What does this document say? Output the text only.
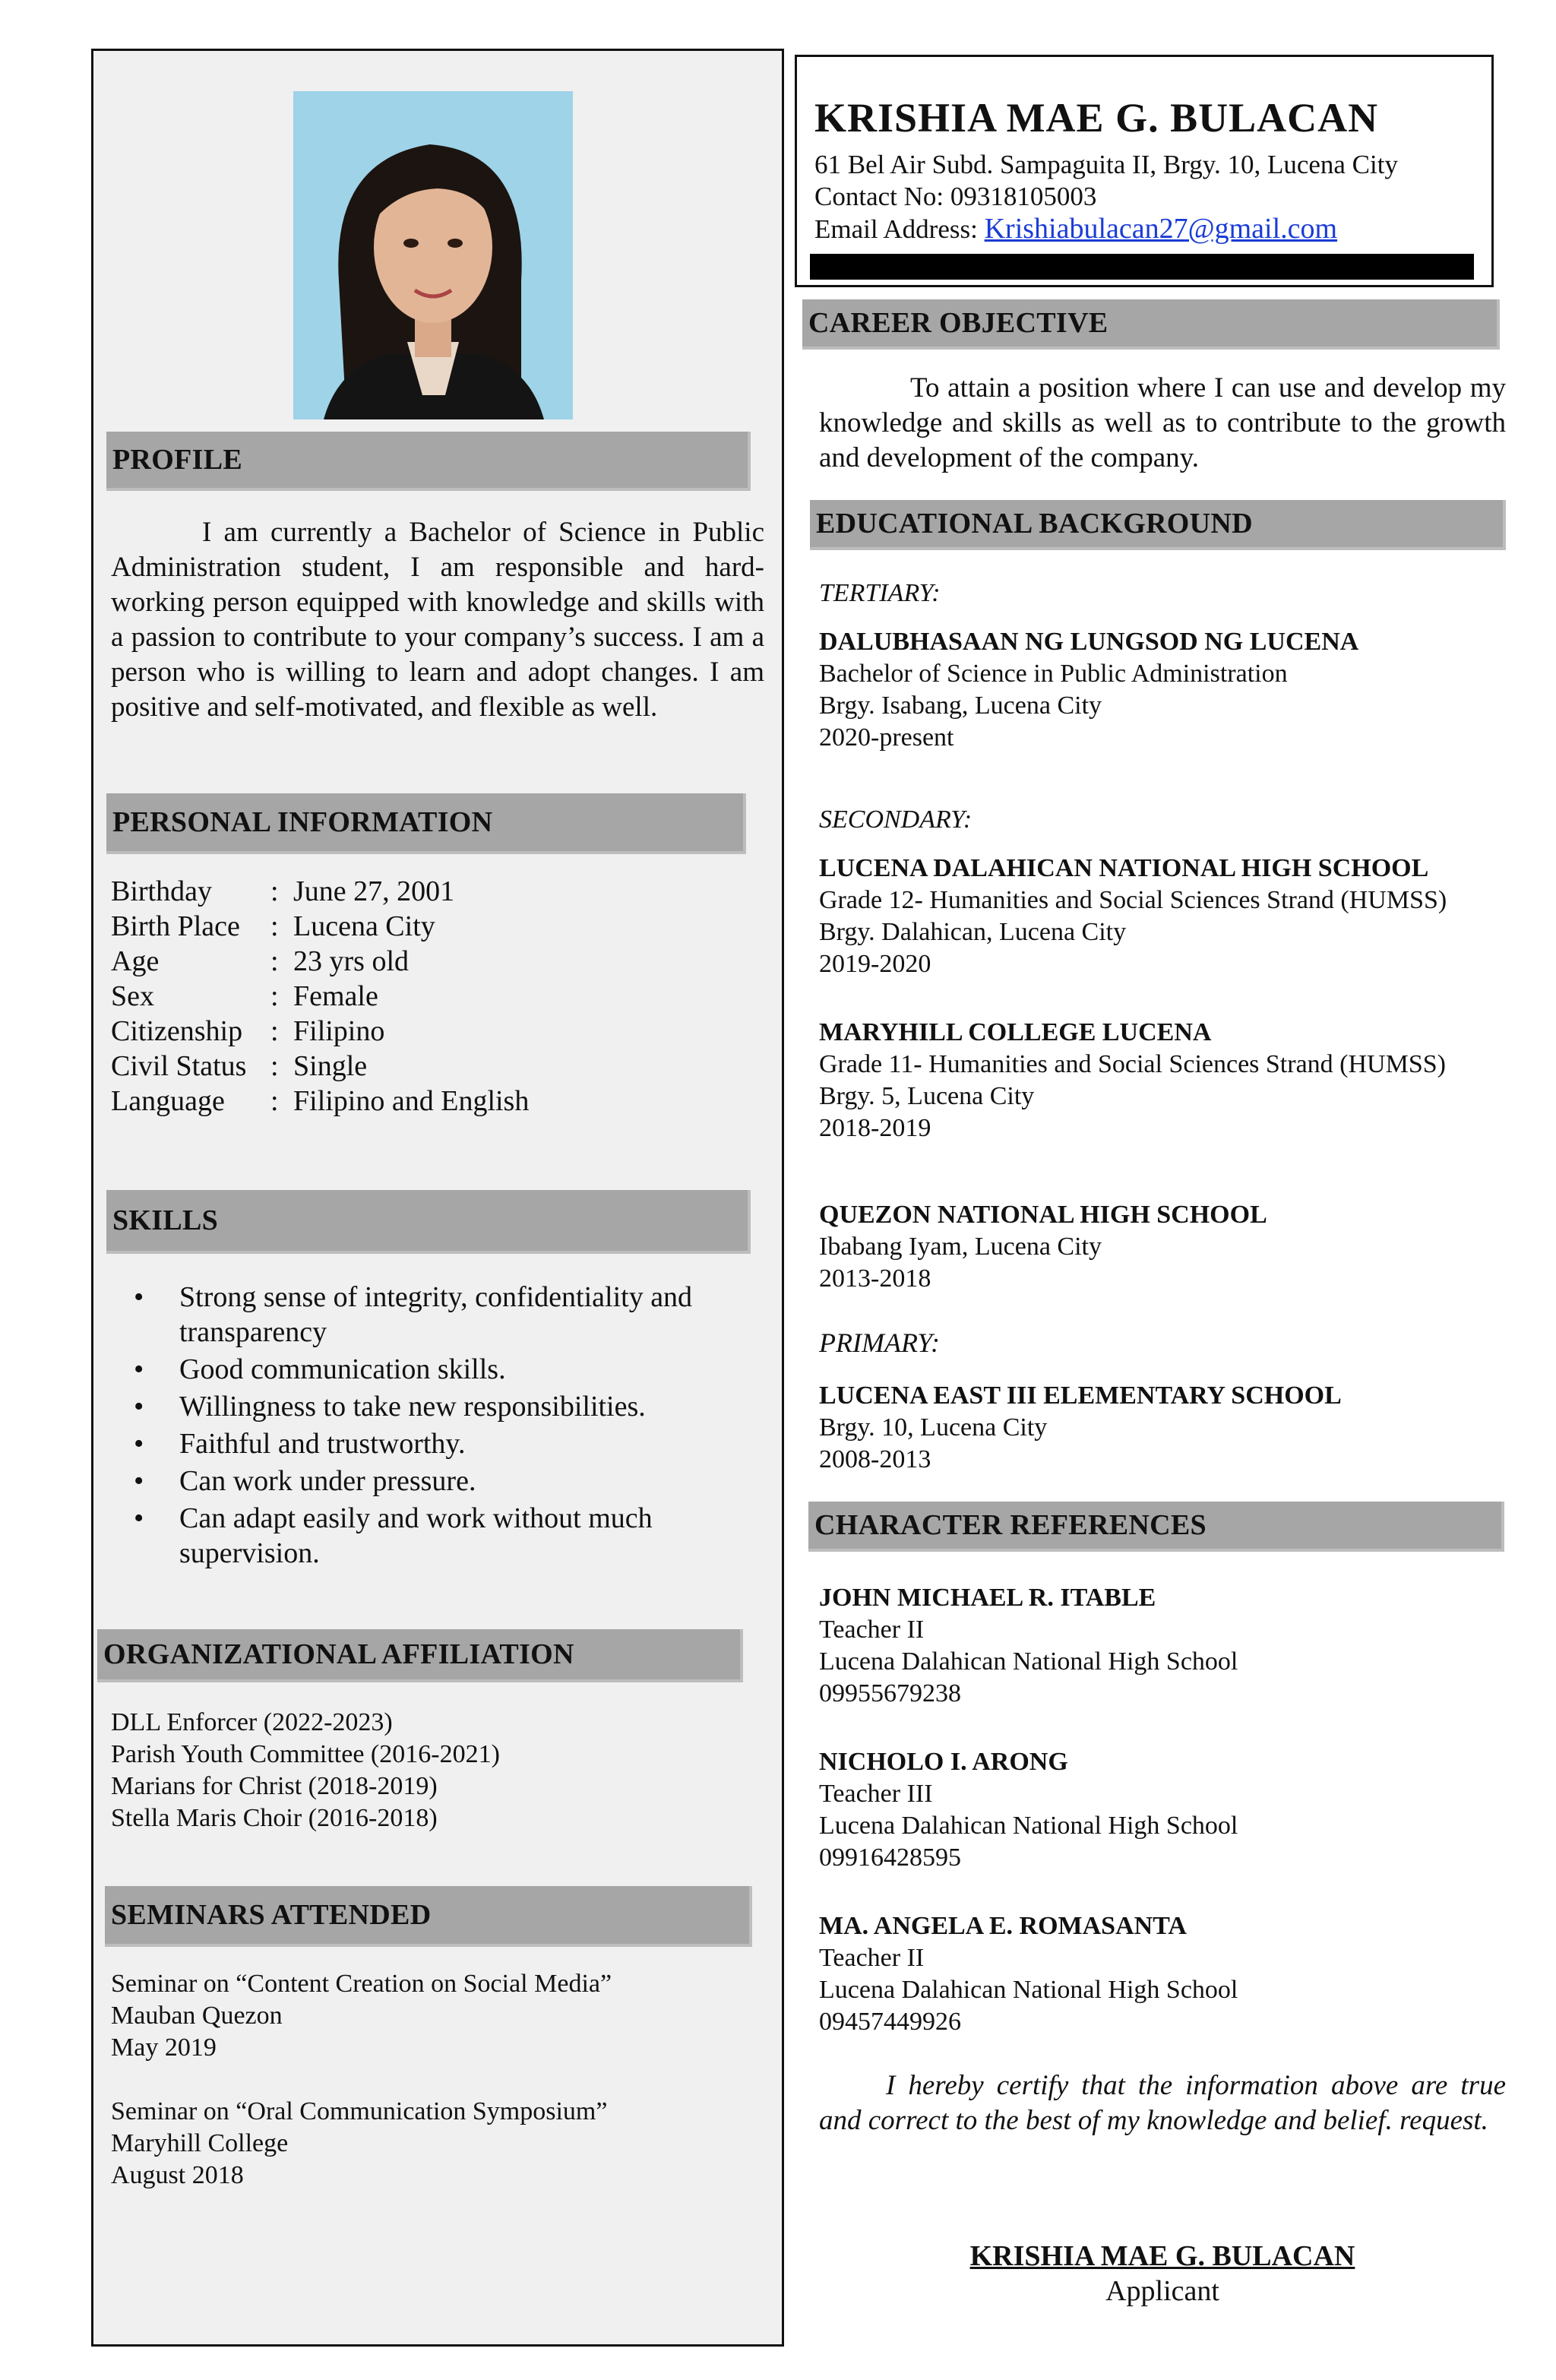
PROFILE
I am currently a Bachelor of Science in Public Administration student, I am responsible and hard-working person equipped with knowledge and skills with a passion to contribute to your company’s success. I am a person who is willing to learn and adopt changes. I am positive and self-motivated, and flexible as well.
PERSONAL INFORMATION
Birthday	: June 27, 2001
Birth Place	: Lucena City
Age	: 23 yrs old
Sex	: Female
Citizenship : Filipino
Civil Status : Single
Language	: Filipino and English
SKILLS
• Strong sense of integrity, confidentiality and transparency
• Good communication skills.
• Willingness to take new responsibilities.
• Faithful and trustworthy.
• Can work under pressure.
• Can adapt easily and work without much supervision.
ORGANIZATIONAL AFFILIATION
DLL Enforcer (2022-2023)
Parish Youth Committee (2016-2021)
Marians for Christ (2018-2019)
Stella Maris Choir (2016-2018)
SEMINARS ATTENDED
Seminar on “Content Creation on Social Media”
Mauban Quezon
May 2019
Seminar on “Oral Communication Symposium”
Maryhill College
August 2018
KRISHIA MAE G. BULACAN
61 Bel Air Subd. Sampaguita II, Brgy. 10, Lucena City
Contact No: 09318105003
Email Address: Krishiabulacan27@gmail.com
CAREER OBJECTIVE
To attain a position where I can use and develop my knowledge and skills as well as to contribute to the growth and development of the company.
EDUCATIONAL BACKGROUND
TERTIARY:
DALUBHASAAN NG LUNGSOD NG LUCENA
Bachelor of Science in Public Administration
Brgy. Isabang, Lucena City
2020-present
SECONDARY:
LUCENA DALAHICAN NATIONAL HIGH SCHOOL
Grade 12- Humanities and Social Sciences Strand (HUMSS)
Brgy. Dalahican, Lucena City
2019-2020
MARYHILL COLLEGE LUCENA
Grade 11- Humanities and Social Sciences Strand (HUMSS)
Brgy. 5, Lucena City
2018-2019
QUEZON NATIONAL HIGH SCHOOL
Ibabang Iyam, Lucena City
2013-2018
PRIMARY:
LUCENA EAST III ELEMENTARY SCHOOL
Brgy. 10, Lucena City
2008-2013
CHARACTER REFERENCES
JOHN MICHAEL R. ITABLE
Teacher II
Lucena Dalahican National High School
09955679238
NICHOLO I. ARONG
Teacher III
Lucena Dalahican National High School
09916428595
MA. ANGELA E. ROMASANTA
Teacher II
Lucena Dalahican National High School
09457449926
I hereby certify that the information above are true and correct to the best of my knowledge and belief. request.
KRISHIA MAE G. BULACAN
Applicant
